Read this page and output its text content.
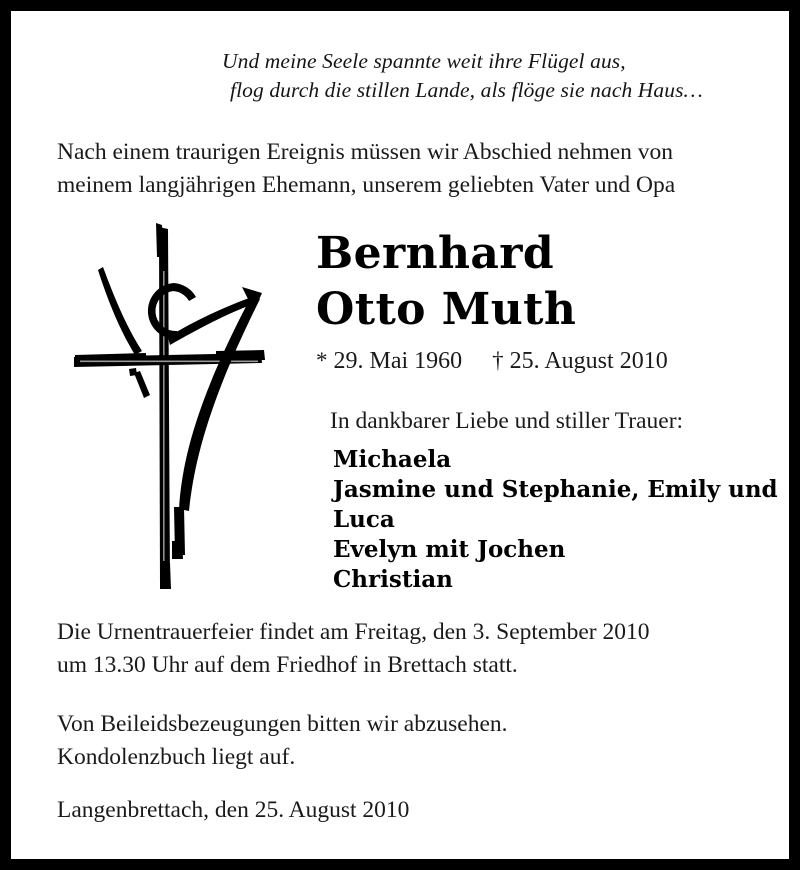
Und meine Seele spannte weit ihre Flügel aus,
flog durch die stillen Lande, als flöge sie nach Haus…
Nach einem traurigen Ereignis müssen wir Abschied nehmen von
meinem langjährigen Ehemann, unserem geliebten Vater und Opa
Bernhard
Otto Muth
* 29. Mai 1960 † 25. August 2010
In dankbarer Liebe und stiller Trauer:
Michaela
Jasmine und Stephanie, Emily und
Luca
Evelyn mit Jochen
Christian
Die Urnentrauerfeier findet am Freitag, den 3. September 2010
um 13.30 Uhr auf dem Friedhof in Brettach statt.
Von Beileidsbezeugungen bitten wir abzusehen.
Kondolenzbuch liegt auf.
Langenbrettach, den 25. August 2010
